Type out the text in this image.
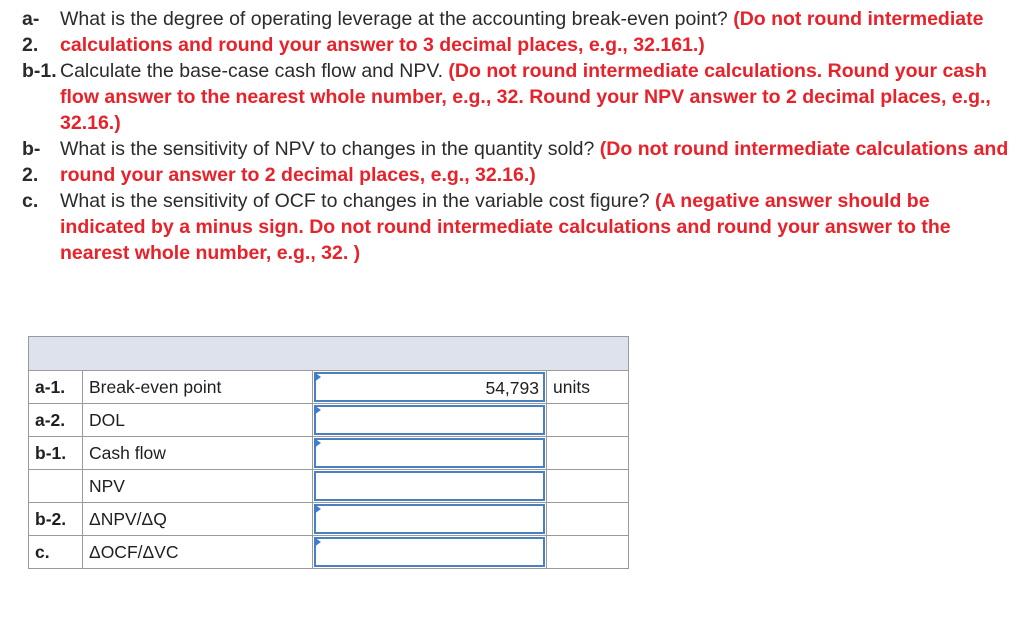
a-
2.
What is the degree of operating leverage at the accounting break-even point? (Do not round intermediate calculations and round your answer to 3 decimal places, e.g., 32.161.)
b-1. Calculate the base-case cash flow and NPV. (Do not round intermediate calculations. Round your cash flow answer to the nearest whole number, e.g., 32. Round your NPV answer to 2 decimal places, e.g., 32.16.)
b-
2.
What is the sensitivity of NPV to changes in the quantity sold? (Do not round intermediate calculations and round your answer to 2 decimal places, e.g., 32.16.)
c.	What is the sensitivity of OCF to changes in the variable cost figure? (A negative answer should be indicated by a minus sign. Do not round intermediate calculations and round your answer to the nearest whole number, e.g., 32. )

a-1.	Break-even point	54,793	units
a-2.	DOL	

b-1.	Cash flow	

	NPV	

b-2.	ΔNPV/ΔQ	

c.	ΔOCF/ΔVC	
